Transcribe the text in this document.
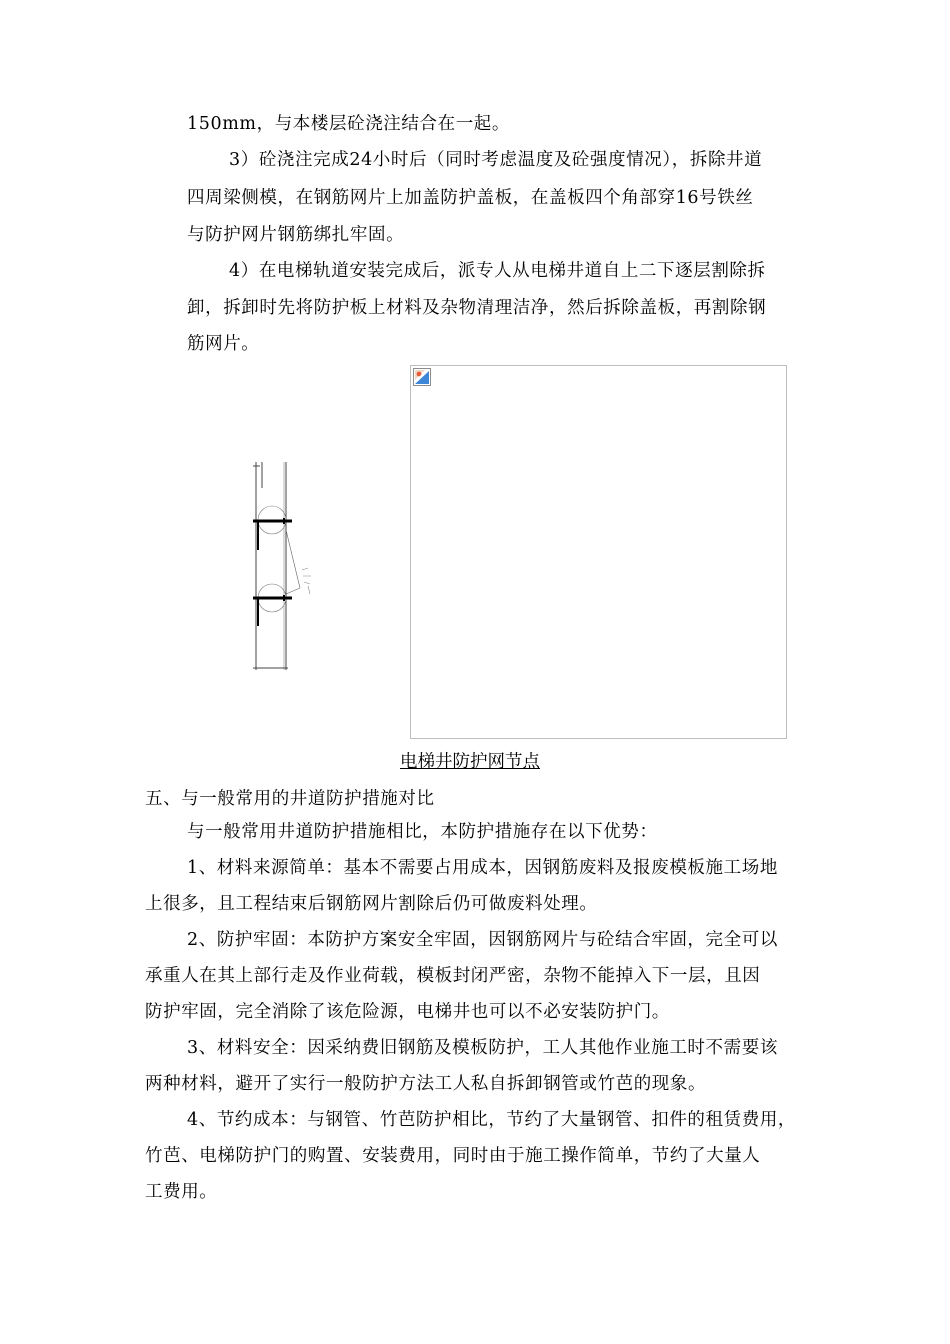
150mm，与本楼层砼浇注结合在一起。
3）砼浇注完成24小时后（同时考虑温度及砼强度情况），拆除井道
四周梁侧模，在钢筋网片上加盖防护盖板，在盖板四个角部穿16号铁丝
与防护网片钢筋绑扎牢固。
4）在电梯轨道安装完成后，派专人从电梯井道自上二下逐层割除拆
卸，拆卸时先将防护板上材料及杂物清理洁净，然后拆除盖板，再割除钢
筋网片。
电梯井防护网节点
五、与一般常用的井道防护措施对比
与一般常用井道防护措施相比，本防护措施存在以下优势：
1、材料来源简单：基本不需要占用成本，因钢筋废料及报废模板施工场地
上很多，且工程结束后钢筋网片割除后仍可做废料处理。
2、防护牢固：本防护方案安全牢固，因钢筋网片与砼结合牢固，完全可以
承重人在其上部行走及作业荷载，模板封闭严密，杂物不能掉入下一层，且因
防护牢固，完全消除了该危险源，电梯井也可以不必安装防护门。
3、材料安全：因采纳费旧钢筋及模板防护，工人其他作业施工时不需要该
两种材料，避开了实行一般防护方法工人私自拆卸钢管或竹芭的现象。
4、节约成本：与钢管、竹芭防护相比，节约了大量钢管、扣件的租赁费用，
竹芭、电梯防护门的购置、安装费用，同时由于施工操作简单，节约了大量人
工费用。
